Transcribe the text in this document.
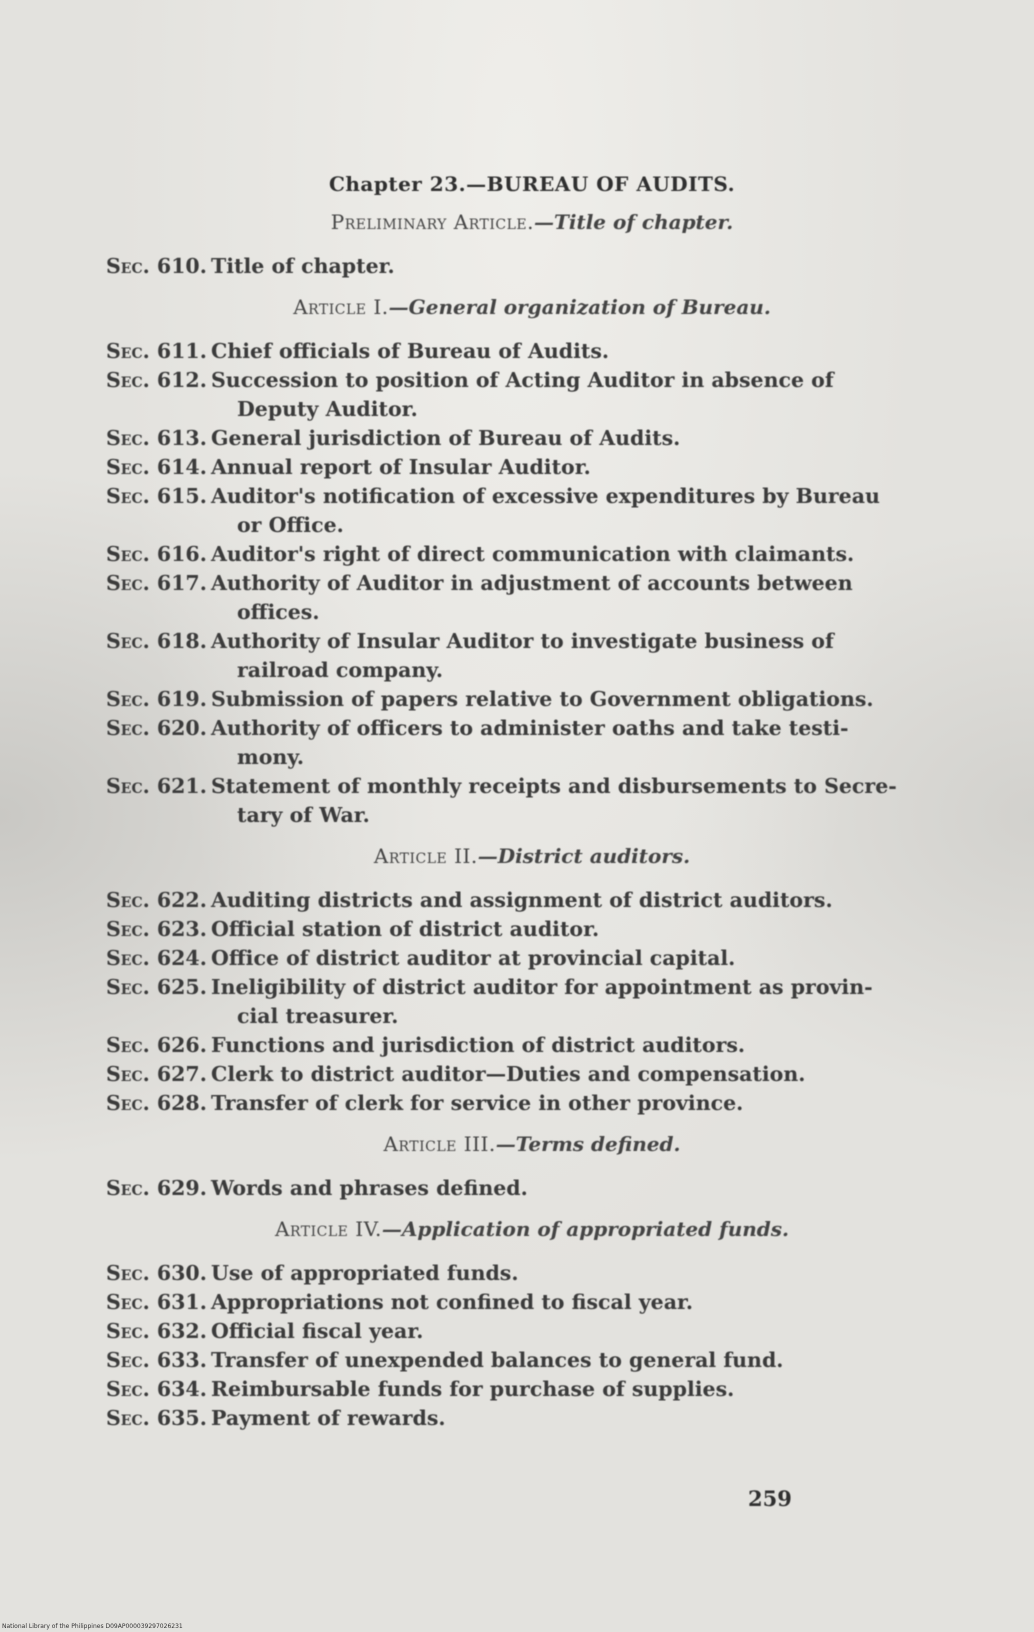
Chapter 23.—BUREAU OF AUDITS.
Preliminary Article.—Title of chapter.
Sec. 610. Title of chapter.
Article I.—General organization of Bureau.
Sec. 611. Chief officials of Bureau of Audits.
Sec. 612. Succession to position of Acting Auditor in absence of
Deputy Auditor.
Sec. 613. General jurisdiction of Bureau of Audits.
Sec. 614. Annual report of Insular Auditor.
Sec. 615. Auditor's notification of excessive expenditures by Bureau
or Office.
Sec. 616. Auditor's right of direct communication with claimants.
Sec. 617. Authority of Auditor in adjustment of accounts between
offices.
Sec. 618. Authority of Insular Auditor to investigate business of
railroad company.
Sec. 619. Submission of papers relative to Government obligations.
Sec. 620. Authority of officers to administer oaths and take testi-
mony.
Sec. 621. Statement of monthly receipts and disbursements to Secre-
tary of War.
Article II.—District auditors.
Sec. 622. Auditing districts and assignment of district auditors.
Sec. 623. Official station of district auditor.
Sec. 624. Office of district auditor at provincial capital.
Sec. 625. Ineligibility of district auditor for appointment as provin-
cial treasurer.
Sec. 626. Functions and jurisdiction of district auditors.
Sec. 627. Clerk to district auditor—Duties and compensation.
Sec. 628. Transfer of clerk for service in other province.
Article III.—Terms defined.
Sec. 629. Words and phrases defined.
Article IV.—Application of appropriated funds.
Sec. 630. Use of appropriated funds.
Sec. 631. Appropriations not confined to fiscal year.
Sec. 632. Official fiscal year.
Sec. 633. Transfer of unexpended balances to general fund.
Sec. 634. Reimbursable funds for purchase of supplies.
Sec. 635. Payment of rewards.
259
National Library of the Philippines D09AP000039297026231
